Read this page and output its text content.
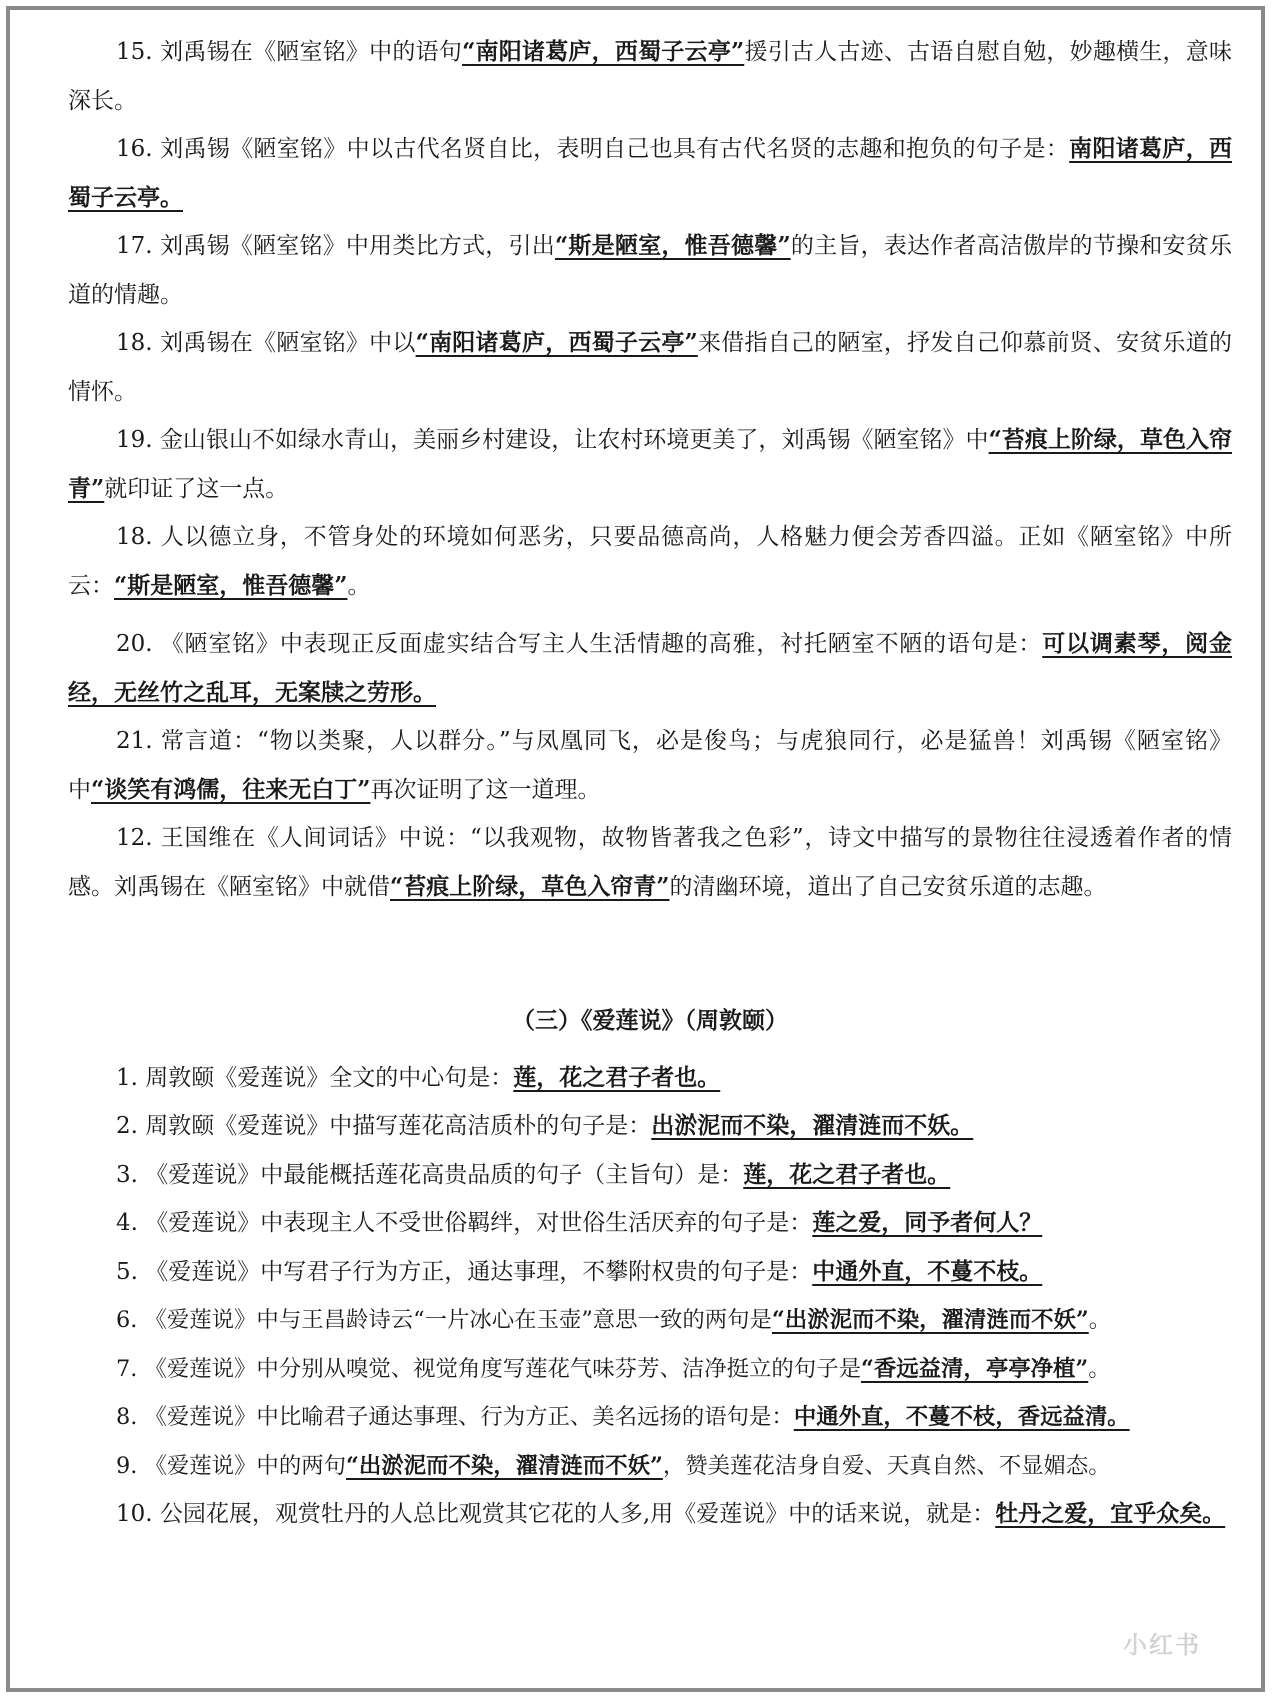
15. 刘禹锡在《陋室铭》中的语句“南阳诸葛庐，西蜀子云亭”援引古人古迹、古语自慰自勉，妙趣横生，意味深长。

16. 刘禹锡《陋室铭》中以古代名贤自比，表明自己也具有古代名贤的志趣和抱负的句子是：南阳诸葛庐，西蜀子云亭。

17. 刘禹锡《陋室铭》中用类比方式，引出“斯是陋室，惟吾德馨”的主旨，表达作者高洁傲岸的节操和安贫乐道的情趣。

18. 刘禹锡在《陋室铭》中以“南阳诸葛庐，西蜀子云亭”来借指自己的陋室，抒发自己仰慕前贤、安贫乐道的情怀。

19. 金山银山不如绿水青山，美丽乡村建设，让农村环境更美了，刘禹锡《陋室铭》中“苔痕上阶绿，草色入帘青”就印证了这一点。

18. 人以德立身，不管身处的环境如何恶劣，只要品德高尚，人格魅力便会芳香四溢。正如《陋室铭》中所云：“斯是陋室，惟吾德馨”。

20. 《陋室铭》中表现正反面虚实结合写主人生活情趣的高雅，衬托陋室不陋的语句是：可以调素琴，阅金经，无丝竹之乱耳，无案牍之劳形。

21. 常言道：“物以类聚，人以群分。”与凤凰同飞，必是俊鸟；与虎狼同行，必是猛兽！刘禹锡《陋室铭》中“谈笑有鸿儒，往来无白丁”再次证明了这一道理。

12. 王国维在《人间词话》中说：“以我观物，故物皆著我之色彩”，诗文中描写的景物往往浸透着作者的情感。刘禹锡在《陋室铭》中就借“苔痕上阶绿，草色入帘青”的清幽环境，道出了自己安贫乐道的志趣。

（三）《爱莲说》（周敦颐）

1. 周敦颐《爱莲说》全文的中心句是：莲，花之君子者也。

2. 周敦颐《爱莲说》中描写莲花高洁质朴的句子是：出淤泥而不染，濯清涟而不妖。

3. 《爱莲说》中最能概括莲花高贵品质的句子（主旨句）是：莲，花之君子者也。

4. 《爱莲说》中表现主人不受世俗羁绊，对世俗生活厌弃的句子是：莲之爱，同予者何人？

5. 《爱莲说》中写君子行为方正，通达事理，不攀附权贵的句子是：中通外直，不蔓不枝。

6. 《爱莲说》中与王昌龄诗云“一片冰心在玉壶”意思一致的两句是“出淤泥而不染，濯清涟而不妖”。

7. 《爱莲说》中分别从嗅觉、视觉角度写莲花气味芬芳、洁净挺立的句子是“香远益清，亭亭净植”。

8. 《爱莲说》中比喻君子通达事理、行为方正、美名远扬的语句是：中通外直，不蔓不枝，香远益清。

9. 《爱莲说》中的两句“出淤泥而不染，濯清涟而不妖”，赞美莲花洁身自爱、天真自然、不显媚态。

10. 公园花展，观赏牡丹的人总比观赏其它花的人多,用《爱莲说》中的话来说，就是：牡丹之爱，宜乎众矣。

小红书
